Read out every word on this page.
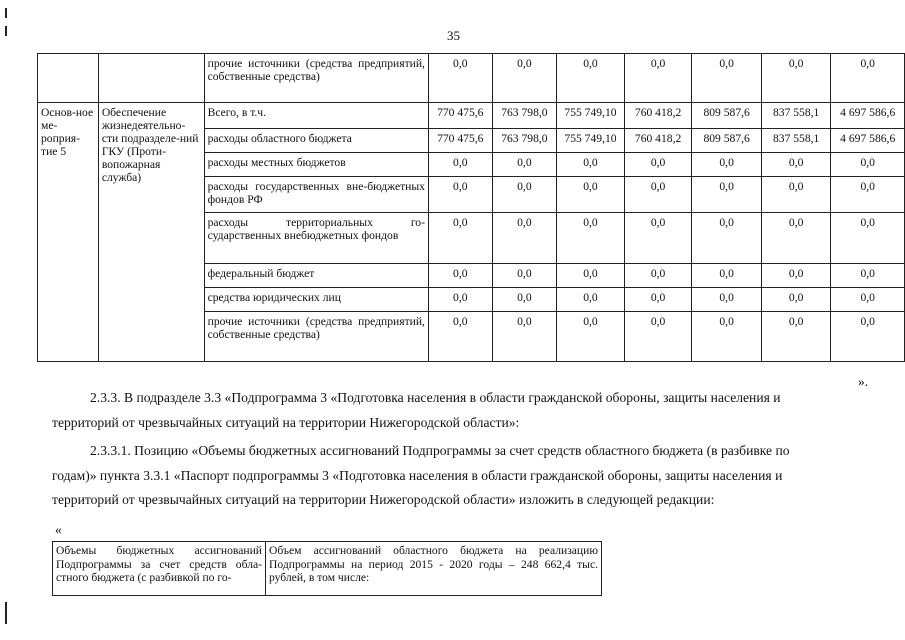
35
		прочие источники (средства предприятий, собственные средства)	0,0	0,0	0,0	0,0	0,0	0,0	0,0
Основ-ное ме-роприя-тие 5	Обеспечение жизнедеятельно-сти подразделе-ний ГКУ (Проти-вопожарная служба)	Всего, в т.ч.	770 475,6	763 798,0	755 749,10	760 418,2	809 587,6	837 558,1	4 697 586,6
		расходы областного бюджета	770 475,6	763 798,0	755 749,10	760 418,2	809 587,6	837 558,1	4 697 586,6
		расходы местных бюджетов	0,0	0,0	0,0	0,0	0,0	0,0	0,0
		расходы государственных вне-бюджетных фондов РФ	0,0	0,0	0,0	0,0	0,0	0,0	0,0
		расходы территориальных го-сударственных внебюджетных фондов	0,0	0,0	0,0	0,0	0,0	0,0	0,0
		федеральный бюджет	0,0	0,0	0,0	0,0	0,0	0,0	0,0
		средства юридических лиц	0,0	0,0	0,0	0,0	0,0	0,0	0,0
		прочие источники (средства предприятий, собственные средства)	0,0	0,0	0,0	0,0	0,0	0,0	0,0
».
2.3.3. В подразделе 3.3 «Подпрограмма 3 «Подготовка населения в области гражданской обороны, защиты населения и
территорий от чрезвычайных ситуаций на территории Нижегородской области»:
2.3.3.1. Позицию «Объемы бюджетных ассигнований Подпрограммы за счет средств областного бюджета (в разбивке по
годам)» пункта 3.3.1 «Паспорт подпрограммы 3 «Подготовка населения в области гражданской обороны, защиты населения и
территорий от чрезвычайных ситуаций на территории Нижегородской области» изложить в следующей редакции:
«
Объемы бюджетных ассигнований Подпрограммы за счет средств обла-стного бюджета (с разбивкой по го-	Объем ассигнований областного бюджета на реализацию Подпрограммы на период 2015 - 2020 годы – 248 662,4 тыс. рублей, в том числе:
